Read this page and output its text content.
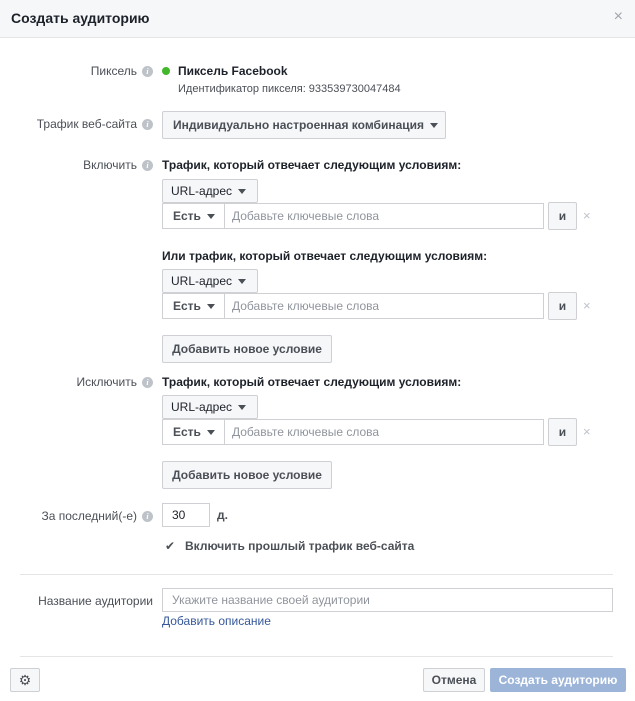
Создать аудиторию	×
Пиксель	i	Пиксель Facebook
Идентификатор пикселя: 933539730047484
Трафик веб-сайта	i	Индивидуально настроенная комбинация
Включить	i	Трафик, который отвечает следующим условиям:
URL-адрес
Есть	Добавьте ключевые слова	и	×
Или трафик, который отвечает следующим условиям:
URL-адрес
Есть	Добавьте ключевые слова	и	×
Добавить новое условие
Исключить	i	Трафик, который отвечает следующим условиям:
URL-адрес
Есть	Добавьте ключевые слова	и	×
Добавить новое условие
За последний(-е)	i	30	д.
✔ Включить прошлый трафик веб-сайта
Название аудитории	Укажите название своей аудитории
Добавить описание
⚙	Отмена	Создать аудиторию
